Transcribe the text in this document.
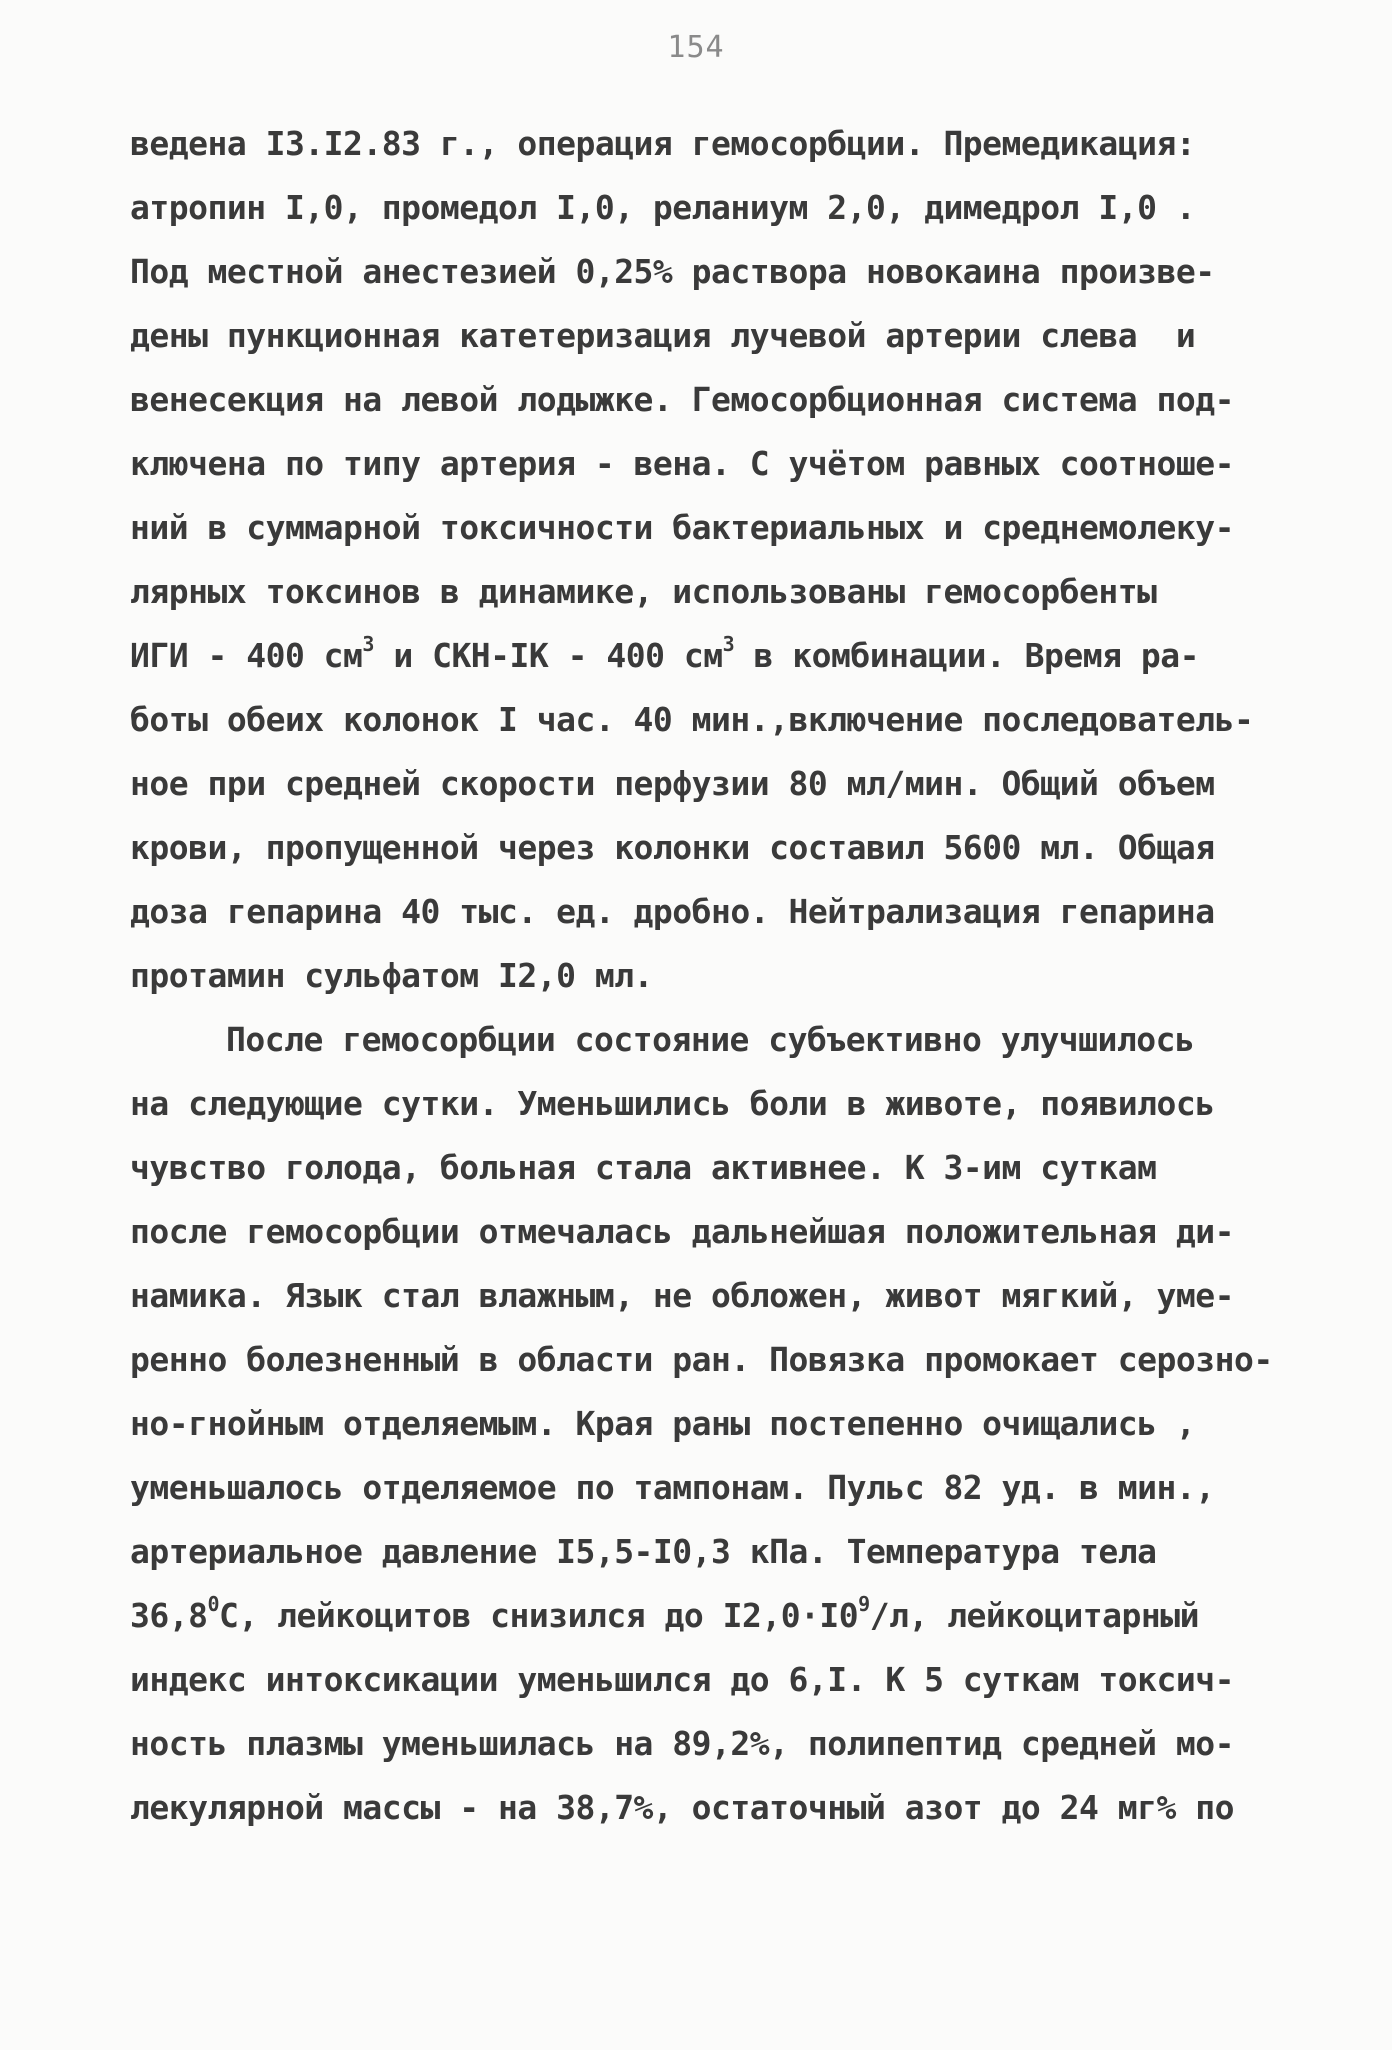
154
ведена I3.I2.83 г., операция гемосорбции. Премедикация:
атропин I,0, промедол I,0, реланиум 2,0, димедрол I,0 .
Под местной анестезией 0,25% раствора новокаина произве-
дены пункционная катетеризация лучевой артерии слева  и
венесекция на левой лодыжке. Гемосорбционная система под-
ключена по типу артерия - вена. С учётом равных соотноше-
ний в суммарной токсичности бактериальных и среднемолеку-
лярных токсинов в динамике, использованы гемосорбенты
ИГИ - 400 $см^3$ и СКН-IК - 400 $см^3$ в комбинации. Время ра-
боты обеих колонок I час. 40 мин.,включение последователь-
ное при средней скорости перфузии 80 мл/мин. Общий объем
крови, пропущенной через колонки составил 5600 мл. Общая
доза гепарина 40 тыс. ед. дробно. Нейтрализация гепарина
протамин сульфатом I2,0 мл.
После гемосорбции состояние субъективно улучшилось
на следующие сутки. Уменьшились боли в животе, появилось
чувство голода, больная стала активнее. К 3-им суткам
после гемосорбции отмечалась дальнейшая положительная ди-
намика. Язык стал влажным, не обложен, живот мягкий, уме-
ренно болезненный в области ран. Повязка промокает серозно-
но-гнойным отделяемым. Края раны постепенно очищались ,
уменьшалось отделяемое по тампонам. Пульс 82 уд. в мин.,
артериальное давление I5,5-I0,3 кПа. Температура тела
36,8$^0$С, лейкоцитов снизился до $I2,0\cdot I0^9/л$, лейкоцитарный
индекс интоксикации уменьшился до 6,I. К 5 суткам токсич-
ность плазмы уменьшилась на 89,2%, полипептид средней мо-
лекулярной массы - на 38,7%, остаточный азот до 24 мг% по
